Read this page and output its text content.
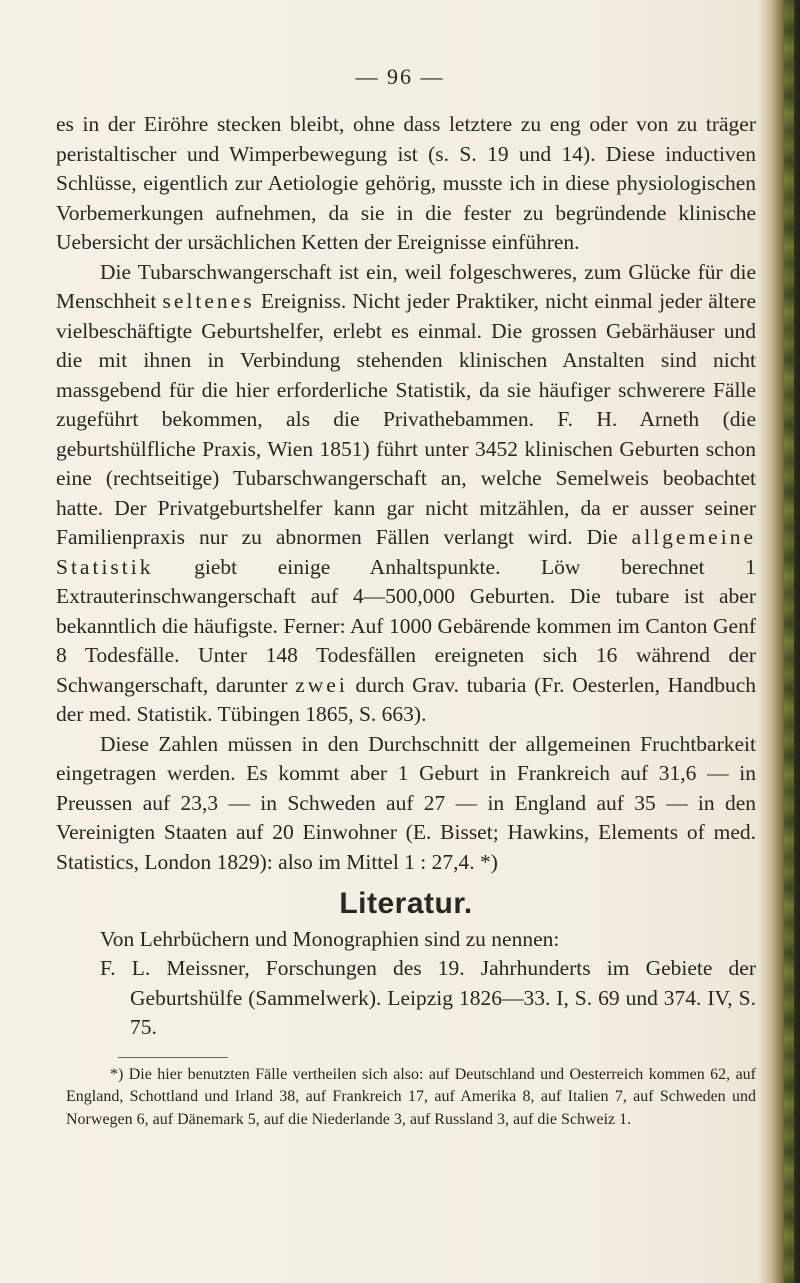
— 96 —

es in der Eiröhre stecken bleibt, ohne dass letztere zu eng oder von zu träger peristaltischer und Wimperbewegung ist (s. S. 19 und 14). Diese inductiven Schlüsse, eigentlich zur Aetiologie gehörig, musste ich in diese physiologischen Vorbemerkungen aufnehmen, da sie in die fester zu begründende klinische Uebersicht der ursächlichen Ketten der Ereignisse einführen.

Die Tubarschwangerschaft ist ein, weil folgeschweres, zum Glücke für die Menschheit seltenes Ereigniss. Nicht jeder Praktiker, nicht einmal jeder ältere vielbeschäftigte Geburtshelfer, erlebt es einmal. Die grossen Gebärhäuser und die mit ihnen in Verbindung stehenden klinischen Anstalten sind nicht massgebend für die hier erforderliche Statistik, da sie häufiger schwerere Fälle zugeführt bekommen, als die Privathebammen. F. H. Arneth (die geburtshülfliche Praxis, Wien 1851) führt unter 3452 klinischen Geburten schon eine (rechtseitige) Tubarschwangerschaft an, welche Semelweis beobachtet hatte. Der Privatgeburtshelfer kann gar nicht mitzählen, da er ausser seiner Familienpraxis nur zu abnormen Fällen verlangt wird. Die allgemeine Statistik giebt einige Anhaltspunkte. Löw berechnet 1 Extrauterinschwangerschaft auf 4—500,000 Geburten. Die tubare ist aber bekanntlich die häufigste. Ferner: Auf 1000 Gebärende kommen im Canton Genf 8 Todesfälle. Unter 148 Todesfällen ereigneten sich 16 während der Schwangerschaft, darunter zwei durch Grav. tubaria (Fr. Oesterlen, Handbuch der med. Statistik. Tübingen 1865, S. 663).

Diese Zahlen müssen in den Durchschnitt der allgemeinen Fruchtbarkeit eingetragen werden. Es kommt aber 1 Geburt in Frankreich auf 31,6 — in Preussen auf 23,3 — in Schweden auf 27 — in England auf 35 — in den Vereinigten Staaten auf 20 Einwohner (E. Bisset; Hawkins, Elements of med. Statistics, London 1829): also im Mittel 1 : 27,4. *)

Literatur.

Von Lehrbüchern und Monographien sind zu nennen:

F. L. Meissner, Forschungen des 19. Jahrhunderts im Gebiete der Geburtshülfe (Sammelwerk). Leipzig 1826—33. I, S. 69 und 374. IV, S. 75.

*) Die hier benutzten Fälle vertheilen sich also: auf Deutschland und Oesterreich kommen 62, auf England, Schottland und Irland 38, auf Frankreich 17, auf Amerika 8, auf Italien 7, auf Schweden und Norwegen 6, auf Dänemark 5, auf die Niederlande 3, auf Russland 3, auf die Schweiz 1.
